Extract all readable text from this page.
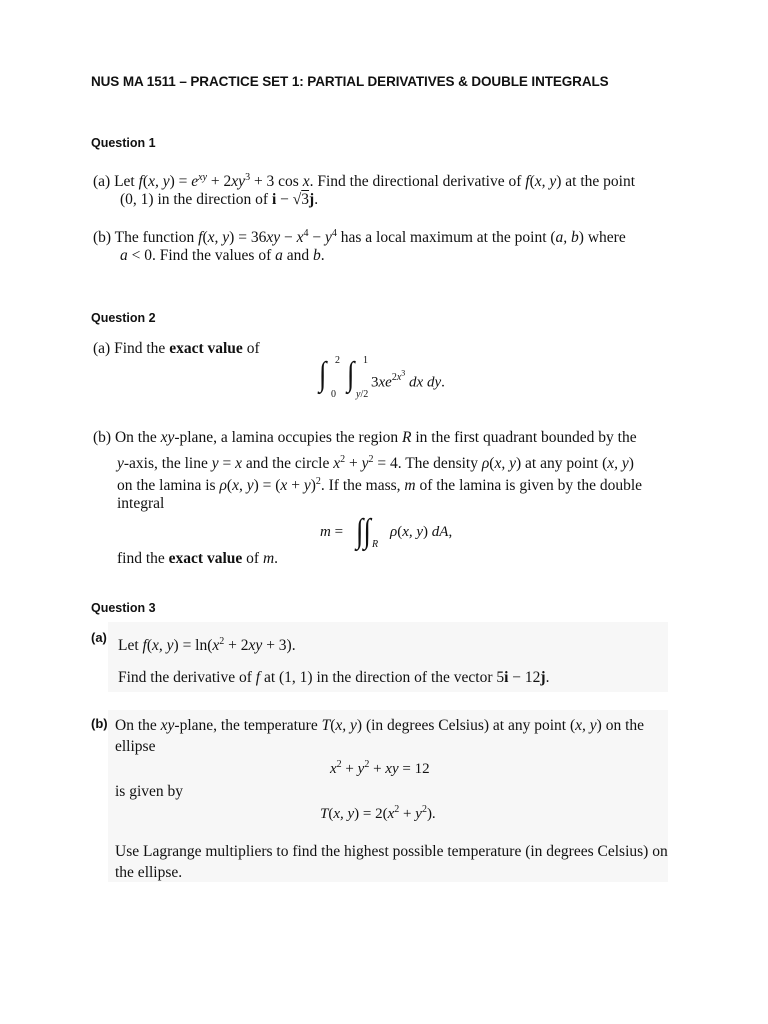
NUS MA 1511 – PRACTICE SET 1: PARTIAL DERIVATIVES & DOUBLE INTEGRALS
Question 1
(a) Let f(x, $y) = e^{xy} + 2xy^3 + 3$ cos x. Find the directional derivative of f(x, y) at the point
(0, 1) in the direction of i − √3j.
(b) The function f(x, $y) = 36xy - x^4 - y^4$ has a local maximum at the point (a, b) where
a < 0. Find the values of a and b.
Question 2
(a) Find the exact value of
∫ 2
0
∫ 1
y/2
$3xe^{2x^3}$ dx dy.
(b) On the xy-plane, a lamina occupies the region R in the first quadrant bounded by the
y-axis, the line y = x and the circle $x^2 + y^2 = 4$. The density ρ(x, y) at any point (x, y)
on the lamina is ρ(x, $y) = (x + y)^2$. If the mass, m of the lamina is given by the double
integral
m = ∫∫ R
ρ(x, y) dA,
find the exact value of m.
Question 3
(a) Let f(x, $y) = \ln(x^2 + 2xy + 3)$.
Find the derivative of f at (1, 1) in the direction of the vector 5i − 12j.
(b) On the xy-plane, the temperature T(x, y) (in degrees Celsius) at any point (x, y) on the
ellipse
$x^2 + y^2$ + xy = 12
is given by
T(x, $y) = 2(x^2 + y^2)$.
Use Lagrange multipliers to find the highest possible temperature (in degrees Celsius) on
the ellipse.
